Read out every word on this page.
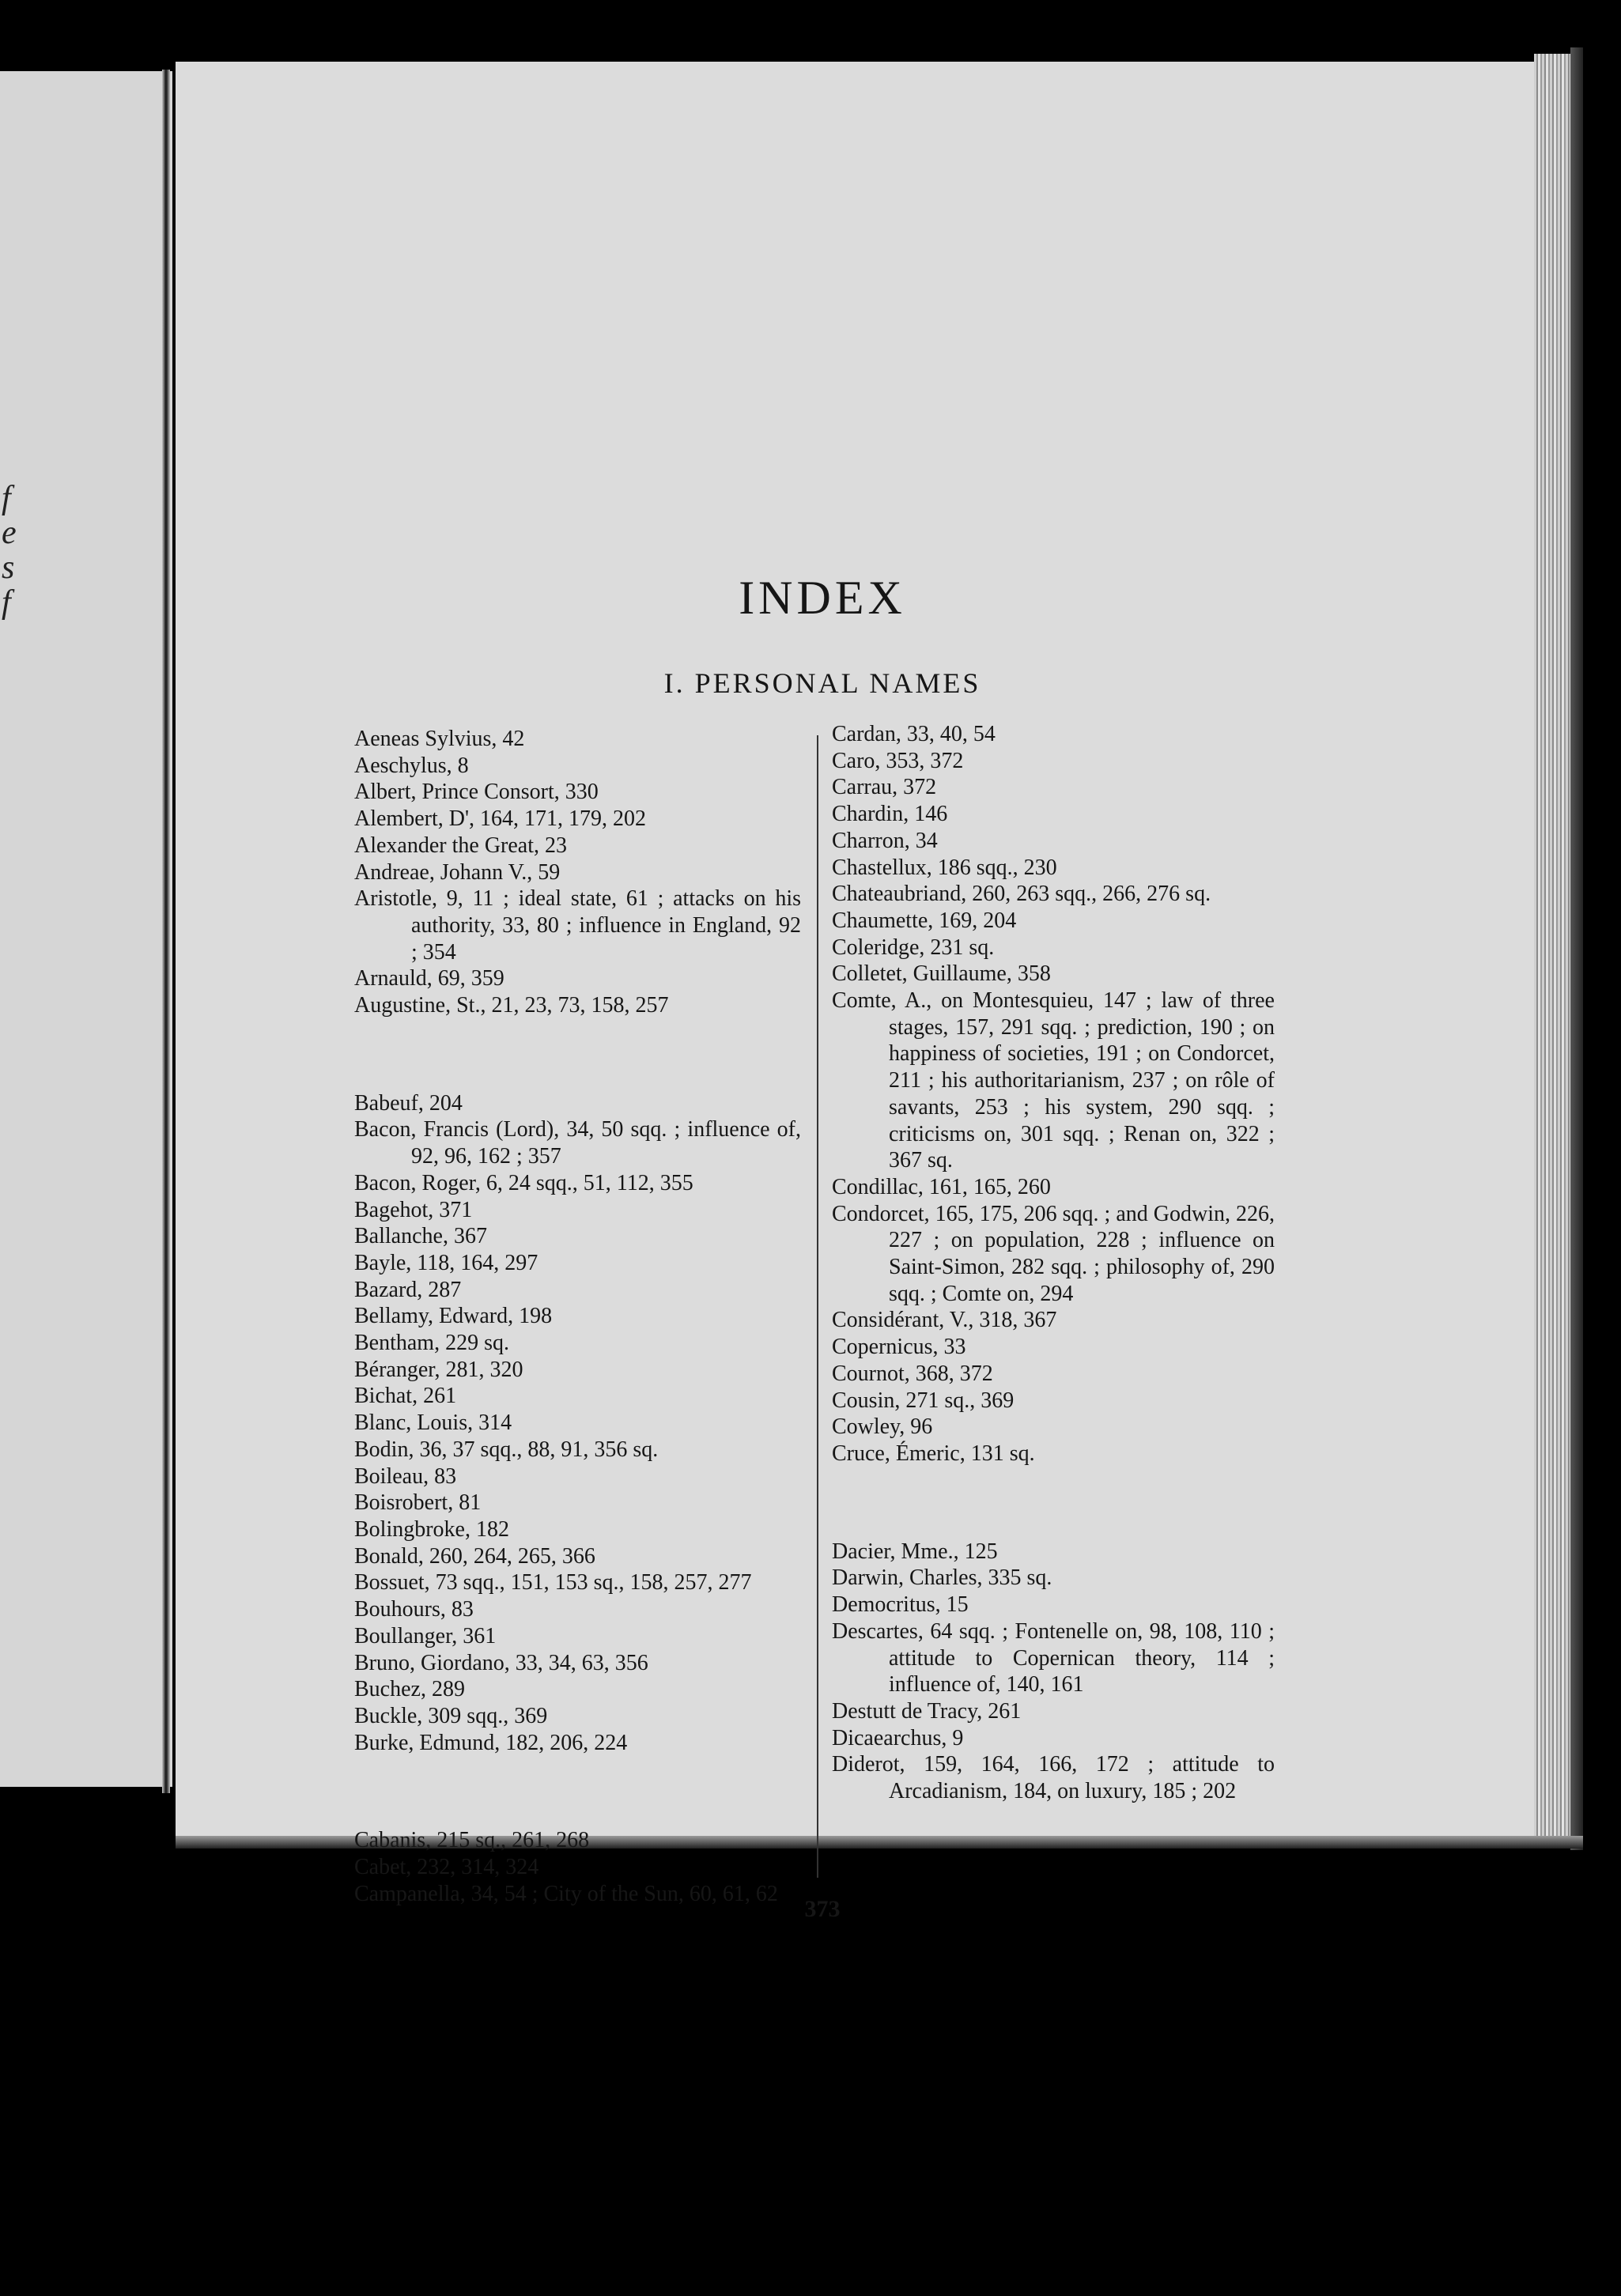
f
e
s
f	INDEX
I. PERSONAL NAMES

Aeneas Sylvius, 42

Aeschylus, 8

Albert, Prince Consort, 330

Alembert, D', 164, 171, 179, 202

Alexander the Great, 23

Andreae, Johann V., 59

Aristotle, 9, 11 ; ideal state, 61 ; attacks on his authority, 33, 80 ; influence in England, 92 ; 354

Arnauld, 69, 359

Augustine, St., 21, 23, 73, 158, 257

Babeuf, 204

Bacon, Francis (Lord), 34, 50 sqq. ; influence of, 92, 96, 162 ; 357

Bacon, Roger, 6, 24 sqq., 51, 112, 355

Bagehot, 371

Ballanche, 367

Bayle, 118, 164, 297

Bazard, 287

Bellamy, Edward, 198

Bentham, 229 sq.

Béranger, 281, 320

Bichat, 261

Blanc, Louis, 314

Bodin, 36, 37 sqq., 88, 91, 356 sq.

Boileau, 83

Boisrobert, 81

Bolingbroke, 182

Bonald, 260, 264, 265, 366

Bossuet, 73 sqq., 151, 153 sq., 158, 257, 277

Bouhours, 83

Boullanger, 361

Bruno, Giordano, 33, 34, 63, 356

Buchez, 289

Buckle, 309 sqq., 369

Burke, Edmund, 182, 206, 224

Cabanis, 215 sq., 261, 268

Cabet, 232, 314, 324

Campanella, 34, 54 ; City of the Sun, 60, 61, 62

Cardan, 33, 40, 54

Caro, 353, 372

Carrau, 372

Chardin, 146

Charron, 34

Chastellux, 186 sqq., 230

Chateaubriand, 260, 263 sqq., 266, 276 sq.

Chaumette, 169, 204

Coleridge, 231 sq.

Colletet, Guillaume, 358

Comte, A., on Montesquieu, 147 ; law of three stages, 157, 291 sqq. ; prediction, 190 ; on happiness of societies, 191 ; on Condorcet, 211 ; his authoritarianism, 237 ; on rôle of savants, 253 ; his system, 290 sqq. ; criticisms on, 301 sqq. ; Renan on, 322 ; 367 sq.

Condillac, 161, 165, 260

Condorcet, 165, 175, 206 sqq. ; and Godwin, 226, 227 ; on population, 228 ; influence on Saint-Simon, 282 sqq. ; philosophy of, 290 sqq. ; Comte on, 294

Considérant, V., 318, 367

Copernicus, 33

Cournot, 368, 372

Cousin, 271 sq., 369

Cowley, 96

Cruce, Émeric, 131 sq.

Dacier, Mme., 125

Darwin, Charles, 335 sq.

Democritus, 15

Descartes, 64 sqq. ; Fontenelle on, 98, 108, 110 ; attitude to Copernican theory, 114 ; influence of, 140, 161

Destutt de Tracy, 261

Dicaearchus, 9

Diderot, 159, 164, 166, 172 ; attitude to Arcadianism, 184, on luxury, 185 ; 202

373
